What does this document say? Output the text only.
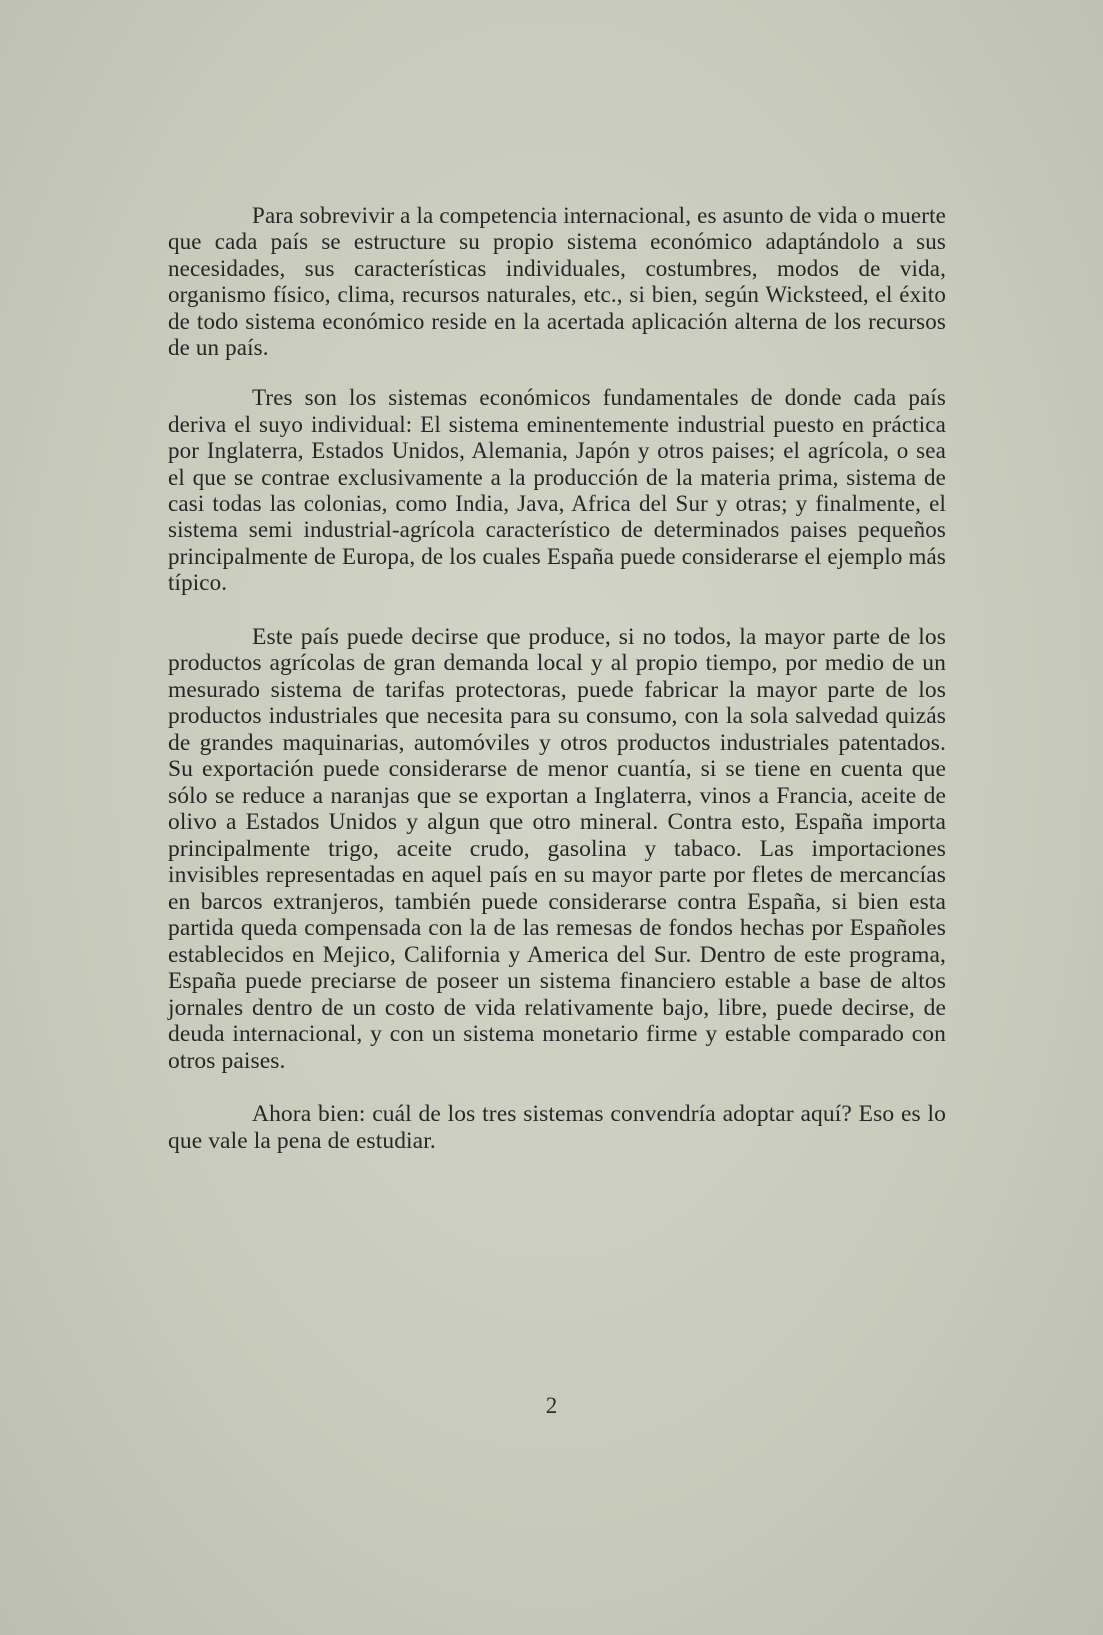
Para sobrevivir a la competencia internacional, es asunto de vida o muerte que cada país se estructure su propio sistema económico adaptándolo a sus necesidades, sus características individuales, costumbres, modos de vida, organismo físico, clima, recursos naturales, etc., si bien, según Wicksteed, el éxito de todo sistema económico reside en la acertada aplicación alterna de los recursos de un país.

Tres son los sistemas económicos fundamentales de donde cada país deriva el suyo individual: El sistema eminentemente industrial puesto en práctica por Inglaterra, Estados Unidos, Alemania, Japón y otros paises; el agrícola, o sea el que se contrae exclusivamente a la producción de la materia prima, sistema de casi todas las colonias, como India, Java, Africa del Sur y otras; y finalmente, el sistema semi industrial-agrícola característico de determinados paises pequeños principalmente de Europa, de los cuales España puede considerarse el ejemplo más típico.

Este país puede decirse que produce, si no todos, la mayor parte de los productos agrícolas de gran demanda local y al propio tiempo, por medio de un mesurado sistema de tarifas protectoras, puede fabricar la mayor parte de los productos industriales que necesita para su consumo, con la sola salvedad quizás de grandes maquinarias, automóviles y otros productos industriales patentados. Su exportación puede considerarse de menor cuantía, si se tiene en cuenta que sólo se reduce a naranjas que se exportan a Inglaterra, vinos a Francia, aceite de olivo a Estados Unidos y algun que otro mineral. Contra esto, España importa principalmente trigo, aceite crudo, gasolina y tabaco. Las importaciones invisibles representadas en aquel país en su mayor parte por fletes de mercancías en barcos extranjeros, también puede considerarse contra España, si bien esta partida queda compensada con la de las remesas de fondos hechas por Españoles establecidos en Mejico, California y America del Sur. Dentro de este programa, España puede preciarse de poseer un sistema financiero estable a base de altos jornales dentro de un costo de vida relativamente bajo, libre, puede decirse, de deuda internacional, y con un sistema monetario firme y estable comparado con otros paises.

Ahora bien: cuál de los tres sistemas convendría adoptar aquí? Eso es lo que vale la pena de estudiar.

2
